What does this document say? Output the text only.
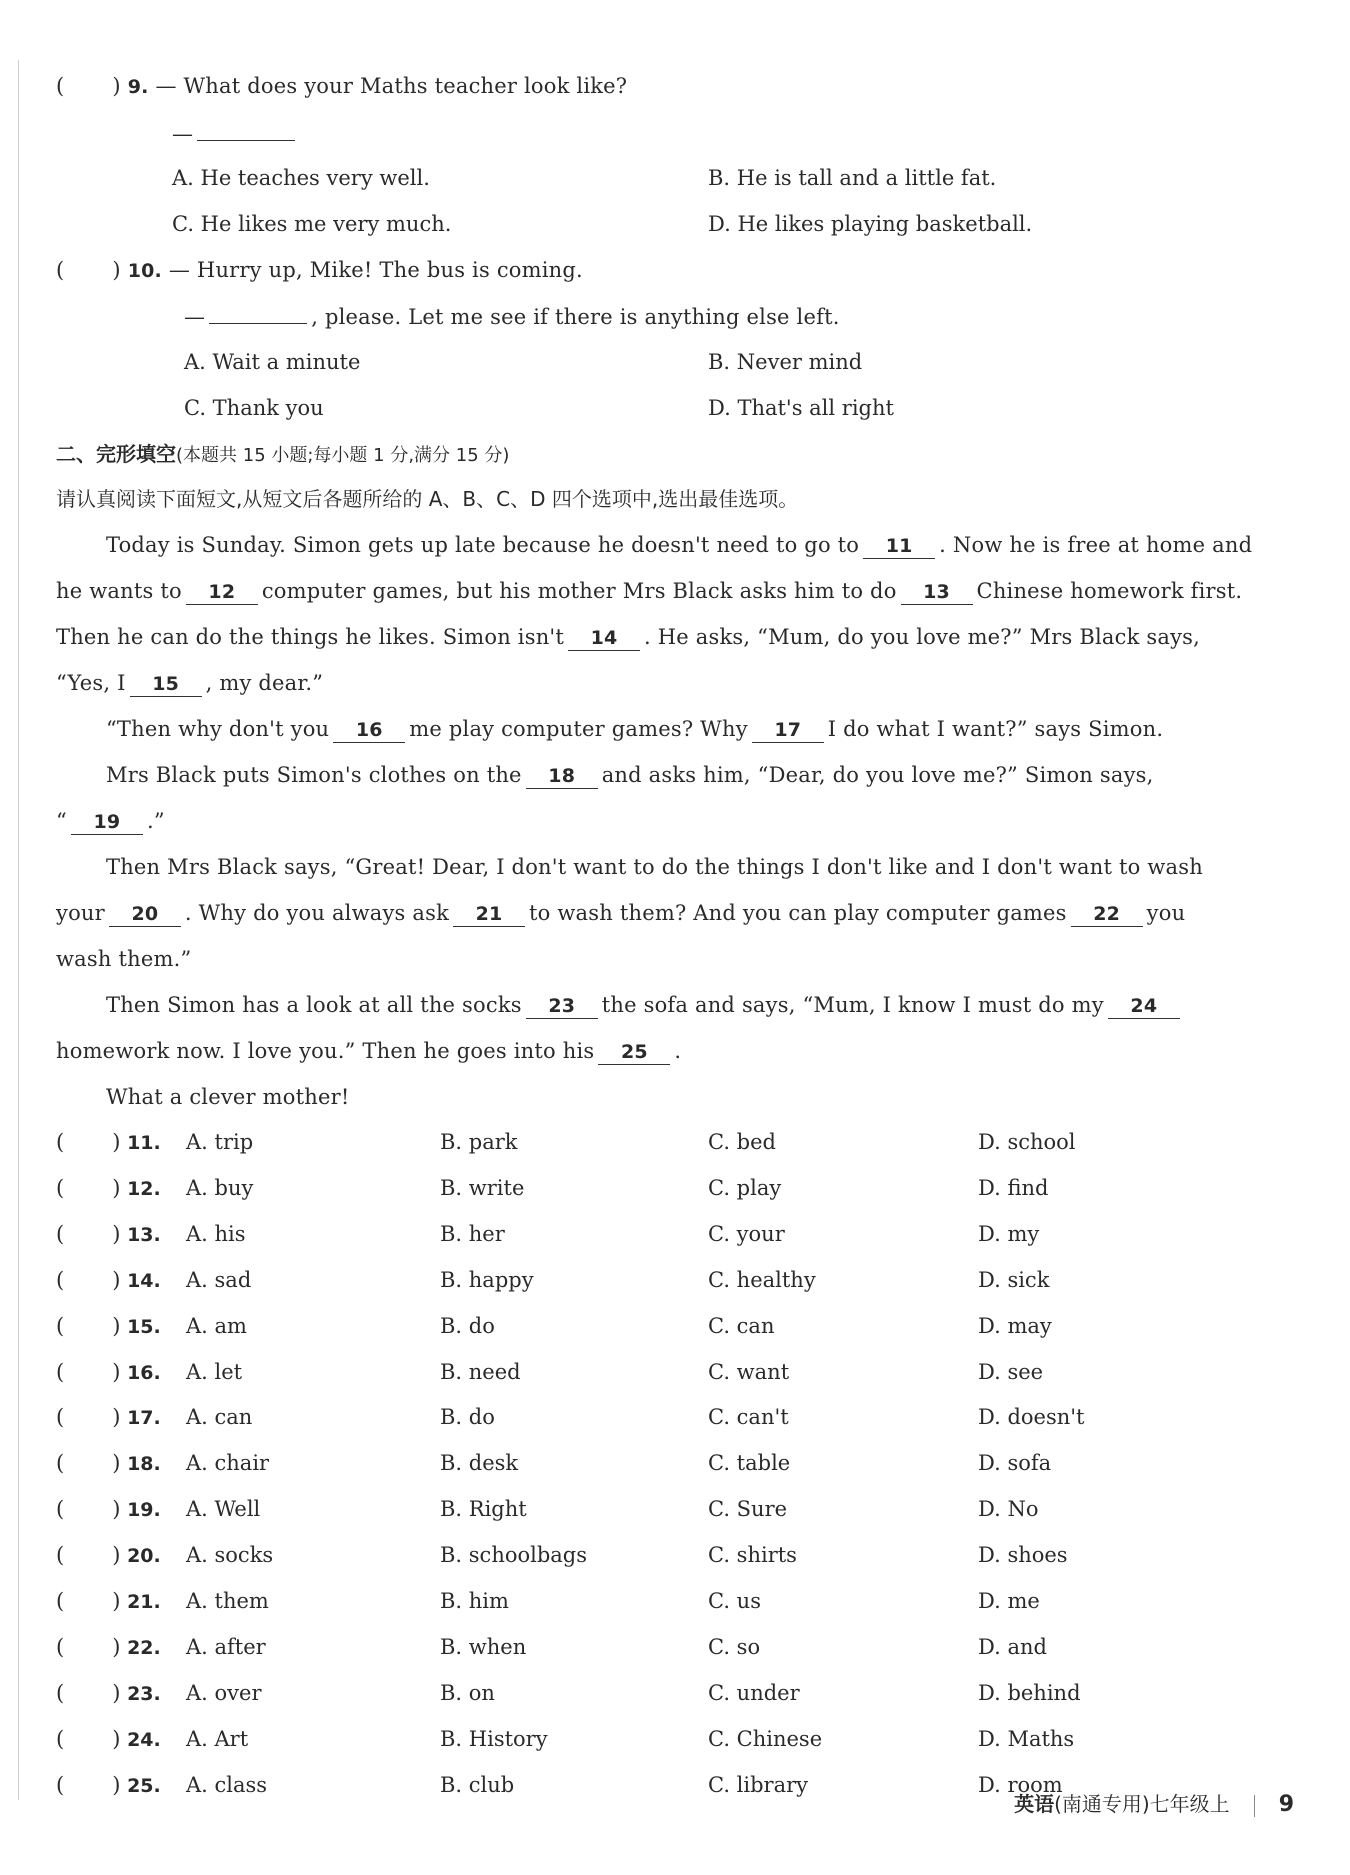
( ) 9. — What does your Maths teacher look like?
—
A. He teaches very well.	B. He is tall and a little fat.
C. He likes me very much.	D. He likes playing basketball.
( ) 10. — Hurry up, Mike! The bus is coming.
—	, please. Let me see if there is anything else left.
A. Wait a minute	B. Never mind
C. Thank you	D. That's all right
二、完形填空(本题共 15 小题;每小题 1 分,满分 15 分)
请认真阅读下面短文,从短文后各题所给的 A、B、C、D 四个选项中,选出最佳选项。
Today is Sunday. Simon gets up late because he doesn't need to go to 11 . Now he is free at home and
he wants to 12 computer games, but his mother Mrs Black asks him to do 13 Chinese homework first.
Then he can do the things he likes. Simon isn't 14 . He asks, “Mum, do you love me?” Mrs Black says,
“Yes, I 15 , my dear.”
“Then why don't you 16 me play computer games? Why 17 I do what I want?” says Simon.
Mrs Black puts Simon's clothes on the 18 and asks him, “Dear, do you love me?” Simon says,
“ 19 .”
Then Mrs Black says, “Great! Dear, I don't want to do the things I don't like and I don't want to wash
your 20 . Why do you always ask 21 to wash them? And you can play computer games 22 you
wash them.”
Then Simon has a look at all the socks 23 the sofa and says, “Mum, I know I must do my 24
homework now. I love you.” Then he goes into his 25 .
What a clever mother!
( ) 11. A. trip	B. park	C. bed	D. school
( ) 12. A. buy	B. write	C. play	D. find
( ) 13. A. his	B. her	C. your	D. my
( ) 14. A. sad	B. happy	C. healthy	D. sick
( ) 15. A. am	B. do	C. can	D. may
( ) 16. A. let	B. need	C. want	D. see
( ) 17. A. can	B. do	C. can't	D. doesn't
( ) 18. A. chair	B. desk	C. table	D. sofa
( ) 19. A. Well	B. Right	C. Sure	D. No
( ) 20. A. socks	B. schoolbags	C. shirts	D. shoes
( ) 21. A. them	B. him	C. us	D. me
( ) 22. A. after	B. when	C. so	D. and
( ) 23. A. over	B. on	C. under	D. behind
( ) 24. A. Art	B. History	C. Chinese	D. Maths
( ) 25. A. class	B. club	C. library	D. room
英语(南通专用)七年级上 9
